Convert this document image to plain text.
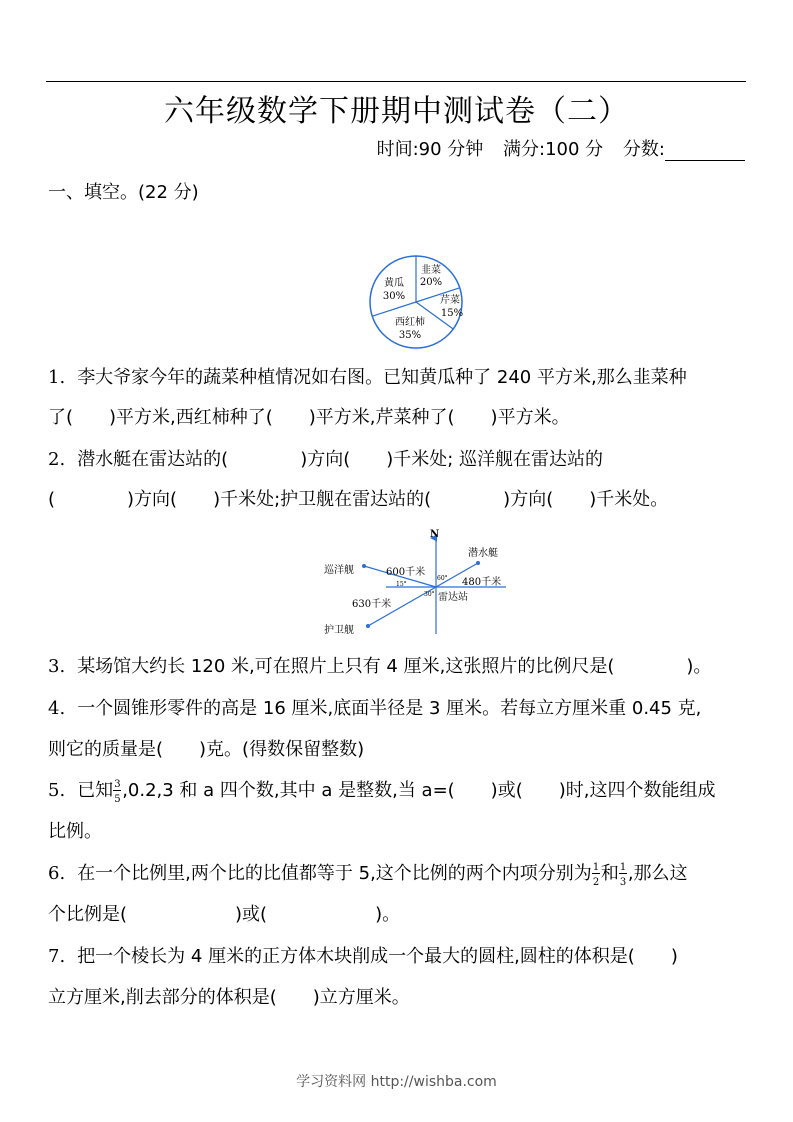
六年级数学下册期中测试卷（二）
时间:90 分钟 满分:100 分 分数:
一、填空。(22 分)
韭菜
20%
芹菜
15%
西红柿
35%
黄瓜
30%
1. 李大爷家今年的蔬菜种植情况如右图。已知黄瓜种了 240 平方米,那么韭菜种
了(　　)平方米,西红柿种了(　　)平方米,芹菜种了(　　)平方米。
2. 潜水艇在雷达站的(　　　　)方向(　　)千米处; 巡洋舰在雷达站的
(　　　　)方向(　　)千米处;护卫舰在雷达站的(　　　　)方向(　　)千米处。
N
潜水艇
巡洋舰
护卫舰
雷达站
600千米
480千米
630千米
15°
30°
60°
3. 某场馆大约长 120 米,可在照片上只有 4 厘米,这张照片的比例尺是(　　　　)。
4. 一个圆锥形零件的高是 16 厘米,底面半径是 3 厘米。若每立方厘米重 0.45 克,
则它的质量是(　　)克。(得数保留整数)
5. 已知 $\frac{3}{5} ,0.2,3$ 和 a 四个数,其中 a 是整数,当 a=(　　)或(　　)时,这四个数能组成
比例。
6. 在一个比例里,两个比的比值都等于 5,这个比例的两个内项分别为 $\frac{1}{2}$ 和 $\frac{1}{3}$ ,那么这
个比例是(　　　　　　)或(　　　　　　)。
7. 把一个棱长为 4 厘米的正方体木块削成一个最大的圆柱,圆柱的体积是(　　)
立方厘米,削去部分的体积是(　　)立方厘米。
学习资料网 http://wishba.com
